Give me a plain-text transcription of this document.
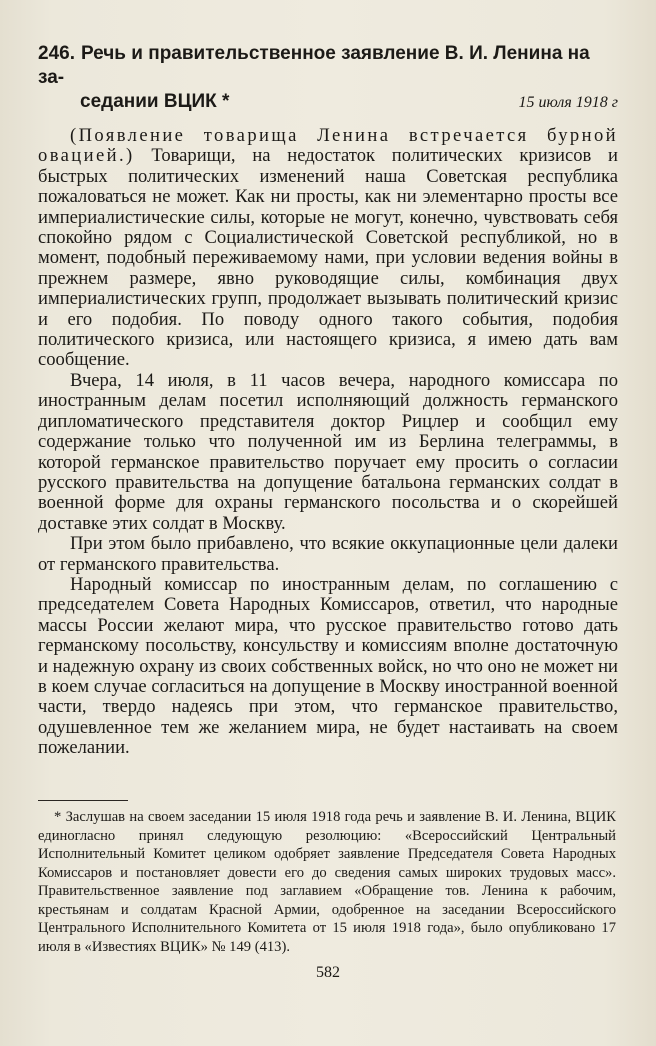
246. Речь и правительственное заявление В. И. Ленина на за-
седании ВЦИК *	15 июля 1918 г

(Появление товарища Ленина встречается бурной овацией.) Товарищи, на недостаток политических кризисов и быстрых политических изменений наша Советская республика пожаловаться не может. Как ни просты, как ни элементарно просты все империалистические силы, которые не могут, конечно, чувствовать себя спокойно рядом с Социалистической Советской республикой, но в момент, подобный переживаемому нами, при условии ведения войны в прежнем размере, явно руководящие силы, комбинация двух империалистических групп, продолжает вызывать политический кризис и его подобия. По поводу одного такого события, подобия политического кризиса, или настоящего кризиса, я имею дать вам сообщение.

Вчера, 14 июля, в 11 часов вечера, народного комиссара по иностранным делам посетил исполняющий должность германского дипломатического представителя доктор Рицлер и сообщил ему содержание только что полученной им из Берлина телеграммы, в которой германское правительство поручает ему просить о согласии русского правительства на допущение батальона германских солдат в военной форме для охраны германского посольства и о скорейшей доставке этих солдат в Москву.

При этом было прибавлено, что всякие оккупационные цели далеки от германского правительства.

Народный комиссар по иностранным делам, по соглашению с председателем Совета Народных Комиссаров, ответил, что народные массы России желают мира, что русское правительство готово дать германскому посольству, консульству и комиссиям вполне достаточную и надежную охрану из своих собственных войск, но что оно не может ни в коем случае согласиться на допущение в Москву иностранной военной части, твердо надеясь при этом, что германское правительство, одушевленное тем же желанием мира, не будет настаивать на своем пожелании.

* Заслушав на своем заседании 15 июля 1918 года речь и заявление В. И. Ленина, ВЦИК единогласно принял следующую резолюцию: «Всероссийский Центральный Исполнительный Комитет целиком одобряет заявление Председателя Совета Народных Комиссаров и постановляет довести его до сведения самых широких трудовых масс». Правительственное заявление под заглавием «Обращение тов. Ленина к рабочим, крестьянам и солдатам Красной Армии, одобренное на заседании Всероссийского Центрального Исполнительного Комитета от 15 июля 1918 года», было опубликовано 17 июля в «Известиях ВЦИК» № 149 (413).

582
